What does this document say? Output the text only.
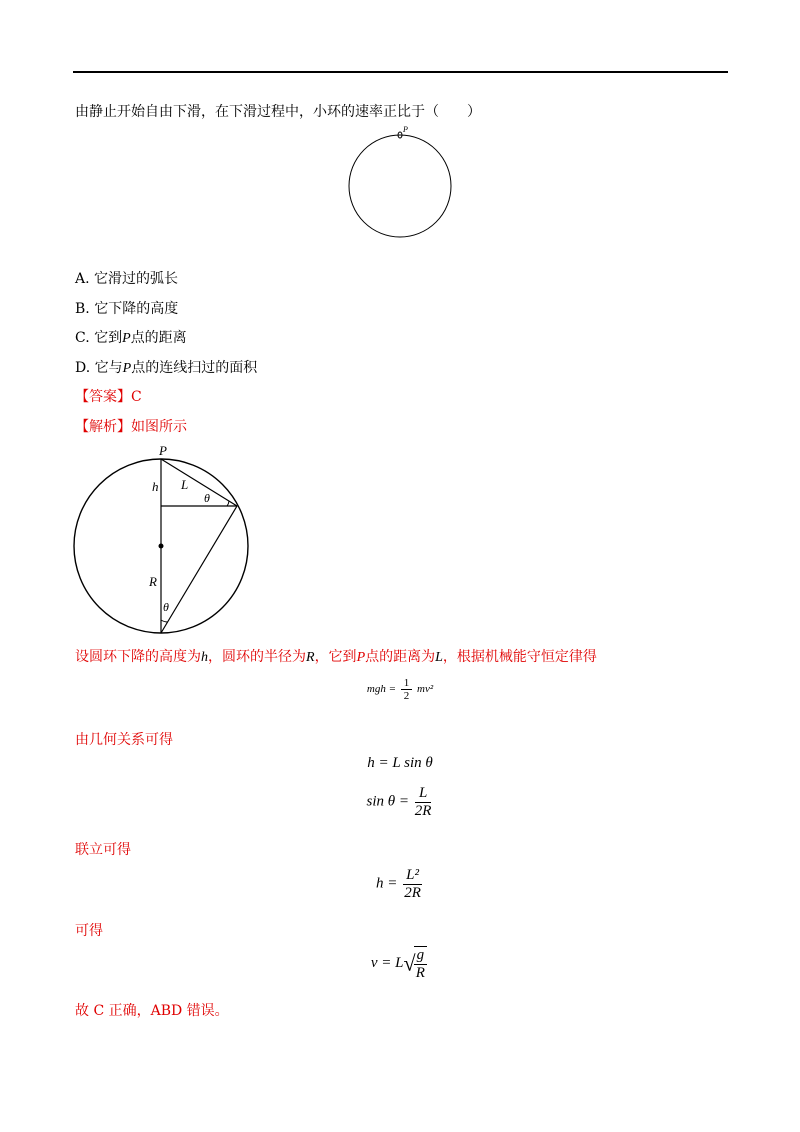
由静止开始自由下滑，在下滑过程中，小环的速率正比于（　　）
P
A. 它滑过的弧长
B. 它下降的高度
C. 它到P点的距离
D. 它与P点的连线扫过的面积
【答案】C
【解析】如图所示
P
h L
θ
R
θ
设圆环下降的高度为h，圆环的半径为R，它到P点的距离为L，根据机械能守恒定律得
mgh = $\frac{1}{2} mv^2$
由几何关系可得
h = L sin θ
$\sin \theta = \frac{L}{2R}$
联立可得
$h = \frac{\text{L²}}{2R}$
可得
v = L√
$\frac{g}{R}$
故 C 正确，ABD 错误。
